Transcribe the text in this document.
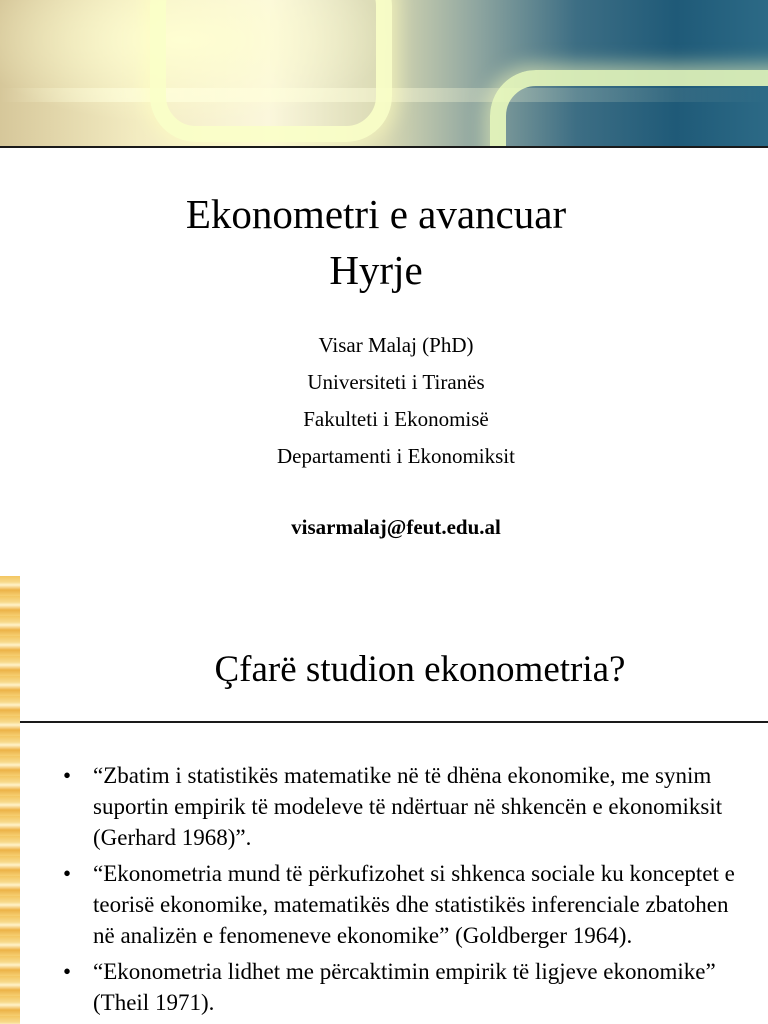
Ekonometri e avancuar
Hyrje
Visar Malaj (PhD)
Universiteti i Tiranës
Fakulteti i Ekonomisë
Departamenti i Ekonomiksit
visarmalaj@feut.edu.al
Çfarë studion ekonometria?
• “Zbatim i statistikës matematike në të dhëna ekonomike, me synim suportin empirik të modeleve të ndërtuar në shkencën e ekonomiksit (Gerhard 1968)”.
• “Ekonometria mund të përkufizohet si shkenca sociale ku konceptet e teorisë ekonomike, matematikës dhe statistikës inferenciale zbatohen në analizën e fenomeneve ekonomike” (Goldberger 1964).
• “Ekonometria lidhet me përcaktimin empirik të ligjeve ekonomike” (Theil 1971).
